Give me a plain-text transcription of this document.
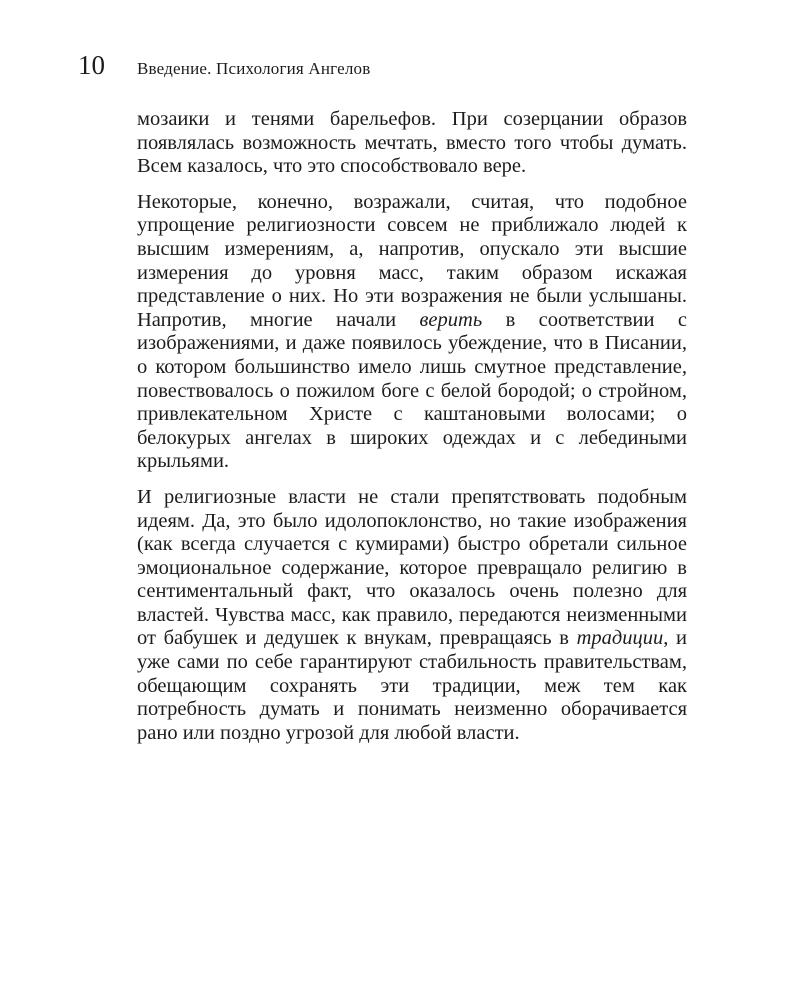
10 Введение. Психология Ангелов

мозаики и тенями барельефов. При созерцании образов появлялась возможность мечтать, вместо того чтобы думать. Всем казалось, что это способствовало вере.

Некоторые, конечно, возражали, считая, что подобное упрощение религиозности совсем не приближало людей к высшим измерениям, а, напротив, опускало эти высшие измерения до уровня масс, таким образом искажая представление о них. Но эти возражения не были услышаны. Напротив, многие начали верить в соответствии с изображениями, и даже появилось убеждение, что в Писании, о котором большинство имело лишь смутное представление, повествовалось о пожилом боге с белой бородой; о стройном, привлекательном Христе с каштановыми волосами; о белокурых ангелах в широких одеждах и с лебедиными крыльями.

И религиозные власти не стали препятствовать подобным идеям. Да, это было идолопоклонство, но такие изображения (как всегда случается с кумирами) быстро обретали сильное эмоциональное содержание, которое превращало религию в сентиментальный факт, что оказалось очень полезно для властей. Чувства масс, как правило, передаются неизменными от бабушек и дедушек к внукам, превращаясь в традиции, и уже сами по себе гарантируют стабильность правительствам, обещающим сохранять эти традиции, меж тем как потребность думать и понимать неизменно оборачивается рано или поздно угрозой для любой власти.
